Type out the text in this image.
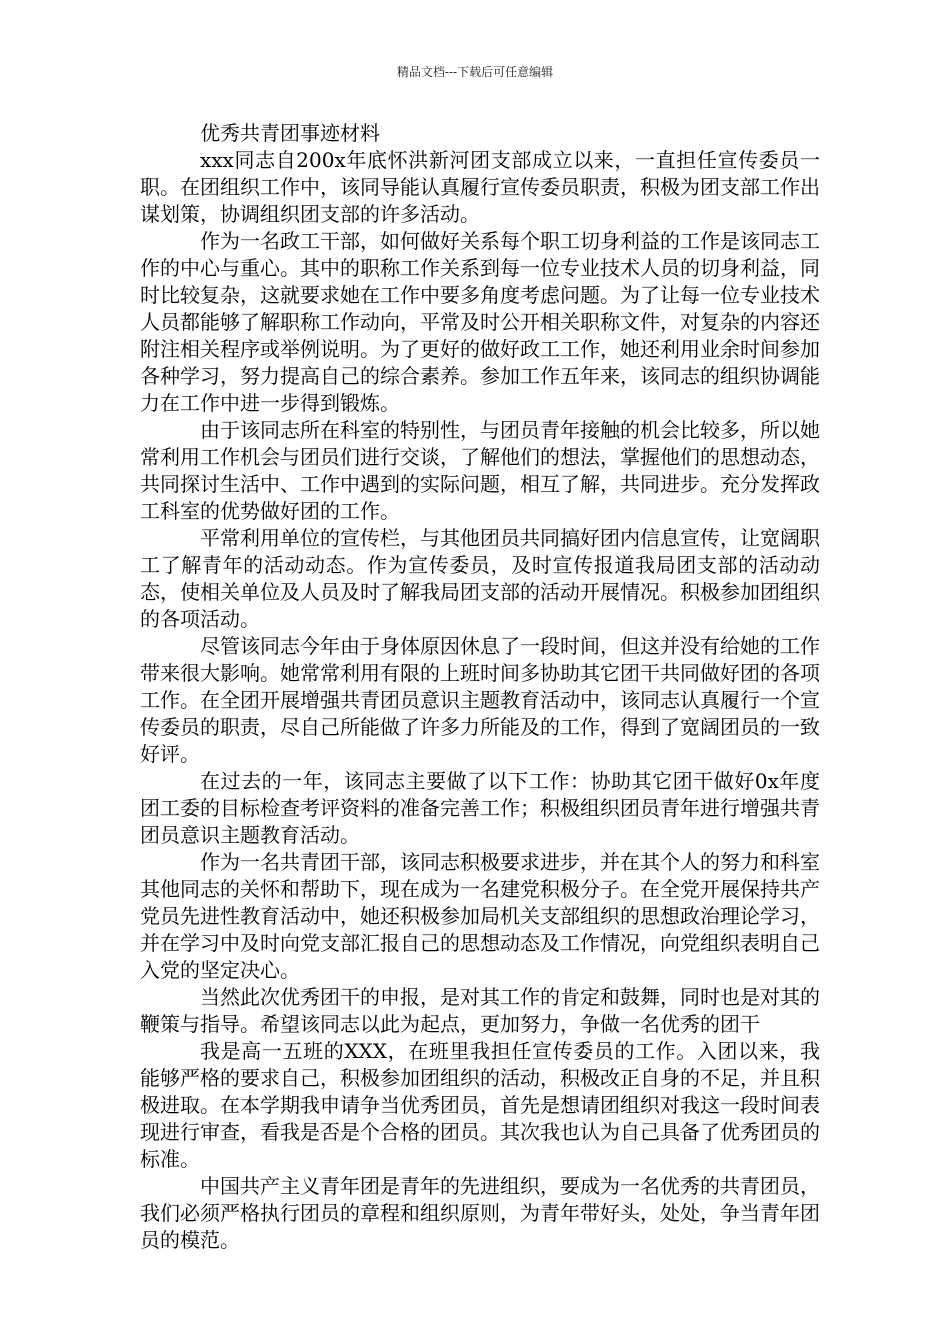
精品文档---下载后可任意编辑

优秀共青团事迹材料

xxx同志自200x年底怀洪新河团支部成立以来，一直担任宣传委员一职。在团组织工作中，该同导能认真履行宣传委员职责，积极为团支部工作出谋划策，协调组织团支部的许多活动。

作为一名政工干部，如何做好关系每个职工切身利益的工作是该同志工作的中心与重心。其中的职称工作关系到每一位专业技术人员的切身利益，同时比较复杂，这就要求她在工作中要多角度考虑问题。为了让每一位专业技术人员都能够了解职称工作动向，平常及时公开相关职称文件，对复杂的内容还附注相关程序或举例说明。为了更好的做好政工工作，她还利用业余时间参加各种学习，努力提高自己的综合素养。参加工作五年来，该同志的组织协调能力在工作中进一步得到锻炼。

由于该同志所在科室的特别性，与团员青年接触的机会比较多，所以她常利用工作机会与团员们进行交谈，了解他们的想法，掌握他们的思想动态，共同探讨生活中、工作中遇到的实际问题，相互了解，共同进步。充分发挥政工科室的优势做好团的工作。

平常利用单位的宣传栏，与其他团员共同搞好团内信息宣传，让宽阔职工了解青年的活动动态。作为宣传委员，及时宣传报道我局团支部的活动动态，使相关单位及人员及时了解我局团支部的活动开展情况。积极参加团组织的各项活动。

尽管该同志今年由于身体原因休息了一段时间，但这并没有给她的工作带来很大影响。她常常利用有限的上班时间多协助其它团干共同做好团的各项工作。在全团开展增强共青团员意识主题教育活动中，该同志认真履行一个宣传委员的职责，尽自己所能做了许多力所能及的工作，得到了宽阔团员的一致好评。

在过去的一年，该同志主要做了以下工作：协助其它团干做好0x年度团工委的目标检查考评资料的准备完善工作；积极组织团员青年进行增强共青团员意识主题教育活动。

作为一名共青团干部，该同志积极要求进步，并在其个人的努力和科室其他同志的关怀和帮助下，现在成为一名建党积极分子。在全党开展保持共产党员先进性教育活动中，她还积极参加局机关支部组织的思想政治理论学习，并在学习中及时向党支部汇报自己的思想动态及工作情况，向党组织表明自己入党的坚定决心。

当然此次优秀团干的申报，是对其工作的肯定和鼓舞，同时也是对其的鞭策与指导。希望该同志以此为起点，更加努力，争做一名优秀的团干

我是高一五班的XXX，在班里我担任宣传委员的工作。入团以来，我能够严格的要求自己，积极参加团组织的活动，积极改正自身的不足，并且积极进取。在本学期我申请争当优秀团员，首先是想请团组织对我这一段时间表现进行审查，看我是否是个合格的团员。其次我也认为自己具备了优秀团员的标准。

中国共产主义青年团是青年的先进组织，要成为一名优秀的共青团员，我们必须严格执行团员的章程和组织原则，为青年带好头，处处，争当青年团员的模范。
